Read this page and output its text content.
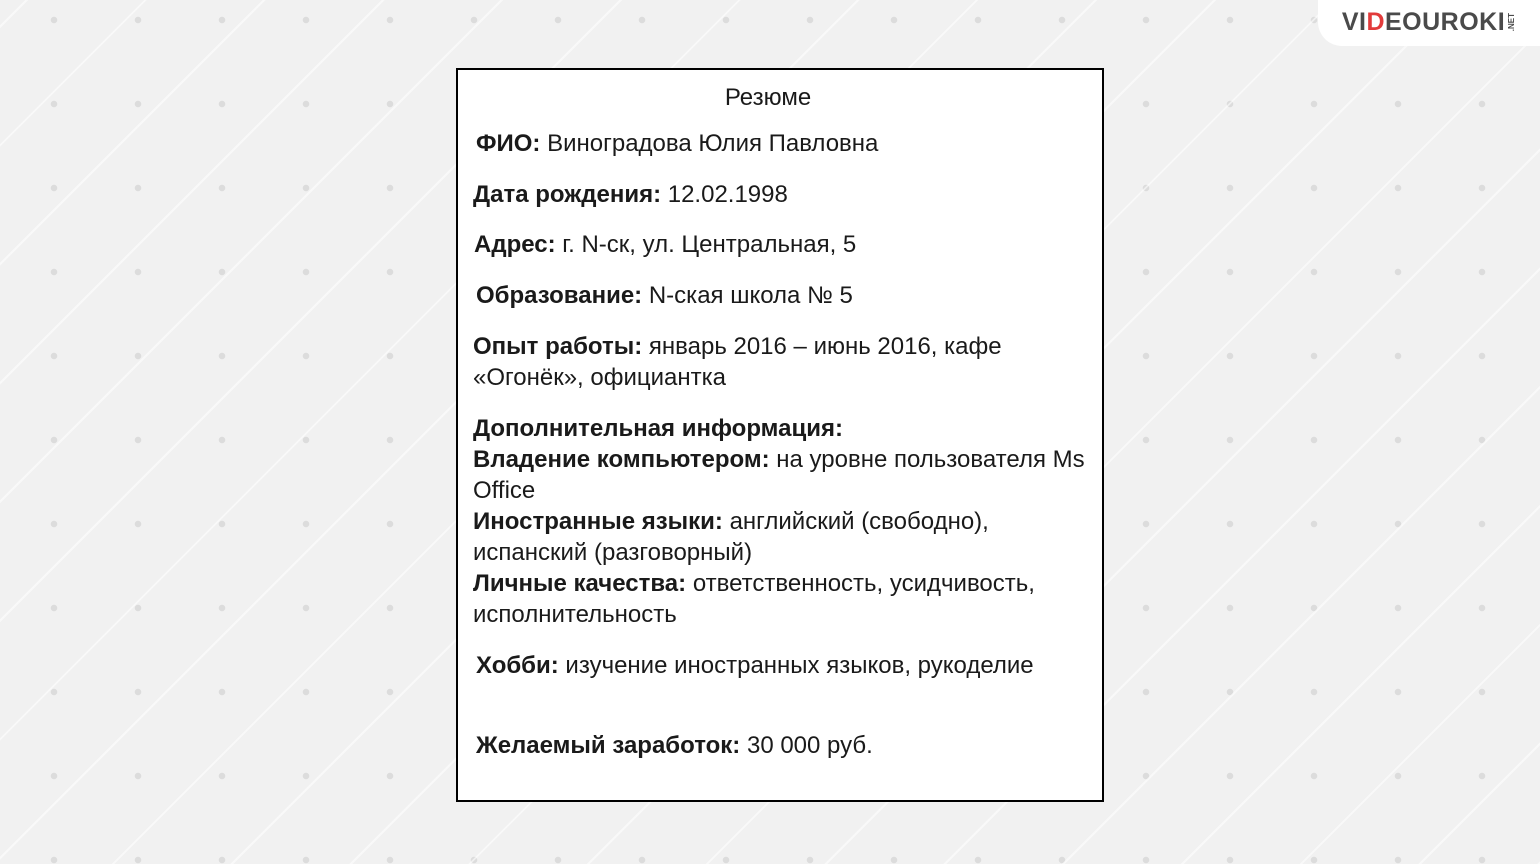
VI D EOUROKI .NET

Резюме

ФИО: Виноградова Юлия Павловна

Дата рождения: 12.02.1998

Адрес: г. N-ск, ул. Центральная, 5

Образование: N-ская школа № 5

Опыт работы: январь 2016 – июнь 2016, кафе «Огонёк», официантка

Дополнительная информация:
Владение компьютером: на уровне пользователя Ms Office
Иностранные языки: английский (свободно), испанский (разговорный)
Личные качества: ответственность, усидчивость, исполнительность

Хобби: изучение иностранных языков, рукоделие

Желаемый заработок: 30 000 руб.
